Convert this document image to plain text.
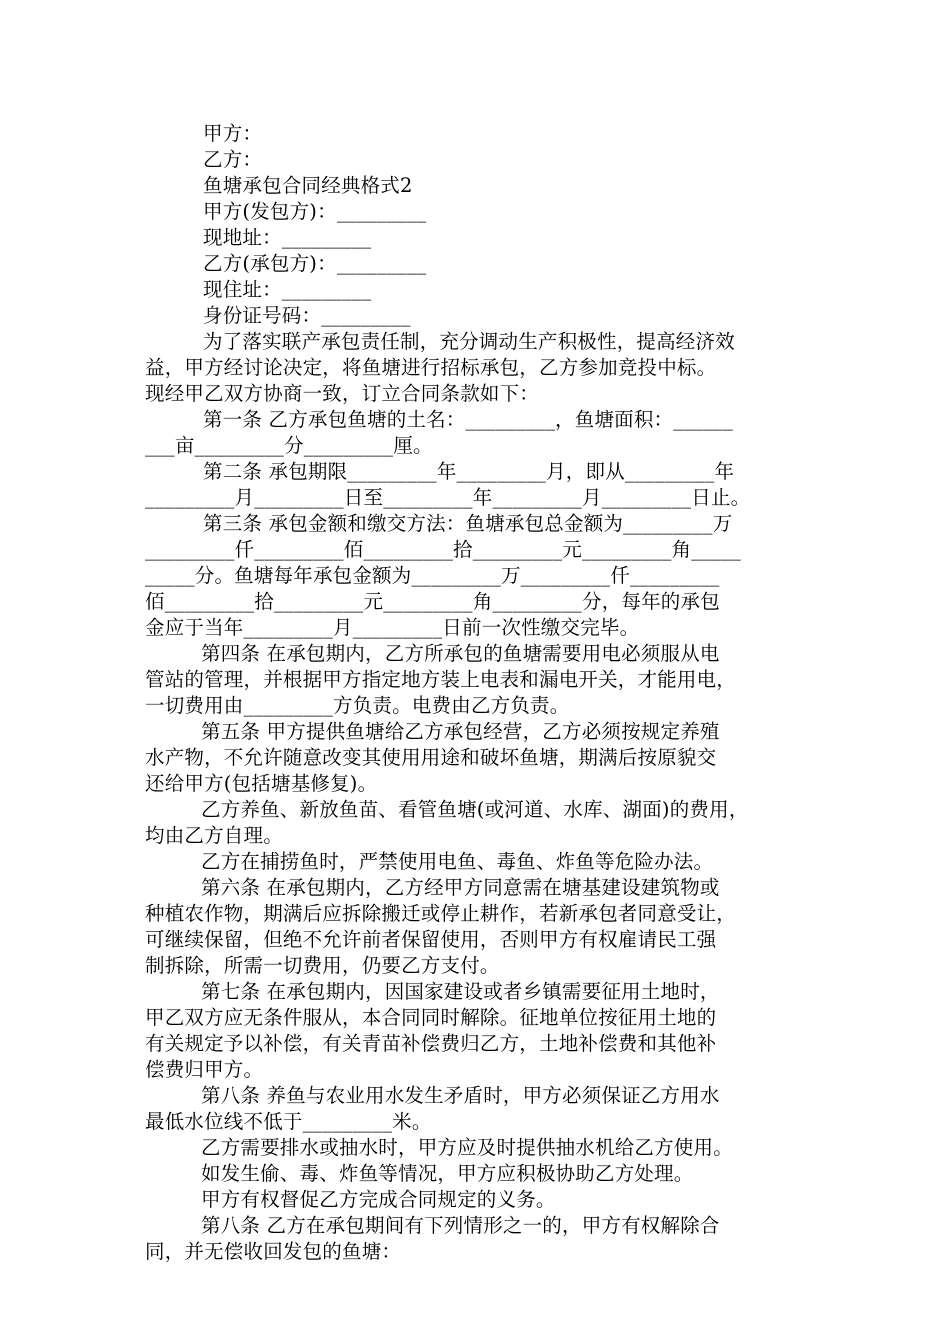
甲方：
乙方：
鱼塘承包合同经典格式2
甲方(发包方)：_________
现地址：_________
乙方(承包方)：_________
现住址：_________
身份证号码：_________
为了落实联产承包责任制，充分调动生产积极性，提高经济效
益，甲方经讨论决定，将鱼塘进行招标承包，乙方参加竞投中标。
现经甲乙双方协商一致，订立合同条款如下：
第一条 乙方承包鱼塘的土名：_________，鱼塘面积：______
___亩_________分_________厘。
第二条 承包期限_________年_________月，即从_________年
_________月_________日至_________年_________月_________日止。
第三条 承包金额和缴交方法：鱼塘承包总金额为_________万
_________仟_________佰_________拾_________元_________角_____
_____分。鱼塘每年承包金额为_________万_________仟_________
佰_________拾_________元_________角_________分，每年的承包
金应于当年_________月_________日前一次性缴交完毕。
第四条 在承包期内，乙方所承包的鱼塘需要用电必须服从电
管站的管理，并根据甲方指定地方装上电表和漏电开关，才能用电，
一切费用由_________方负责。电费由乙方负责。
第五条 甲方提供鱼塘给乙方承包经营，乙方必须按规定养殖
水产物，不允许随意改变其使用用途和破坏鱼塘，期满后按原貌交
还给甲方(包括塘基修复)。
乙方养鱼、新放鱼苗、看管鱼塘(或河道、水库、湖面)的费用，
均由乙方自理。
乙方在捕捞鱼时，严禁使用电鱼、毒鱼、炸鱼等危险办法。
第六条 在承包期内，乙方经甲方同意需在塘基建设建筑物或
种植农作物，期满后应拆除搬迁或停止耕作，若新承包者同意受让，
可继续保留，但绝不允许前者保留使用，否则甲方有权雇请民工强
制拆除，所需一切费用，仍要乙方支付。
第七条 在承包期内，因国家建设或者乡镇需要征用土地时，
甲乙双方应无条件服从，本合同同时解除。征地单位按征用土地的
有关规定予以补偿，有关青苗补偿费归乙方，土地补偿费和其他补
偿费归甲方。
第八条 养鱼与农业用水发生矛盾时，甲方必须保证乙方用水
最低水位线不低于_________米。
乙方需要排水或抽水时，甲方应及时提供抽水机给乙方使用。
如发生偷、毒、炸鱼等情况，甲方应积极协助乙方处理。
甲方有权督促乙方完成合同规定的义务。
第八条 乙方在承包期间有下列情形之一的，甲方有权解除合
同，并无偿收回发包的鱼塘：
